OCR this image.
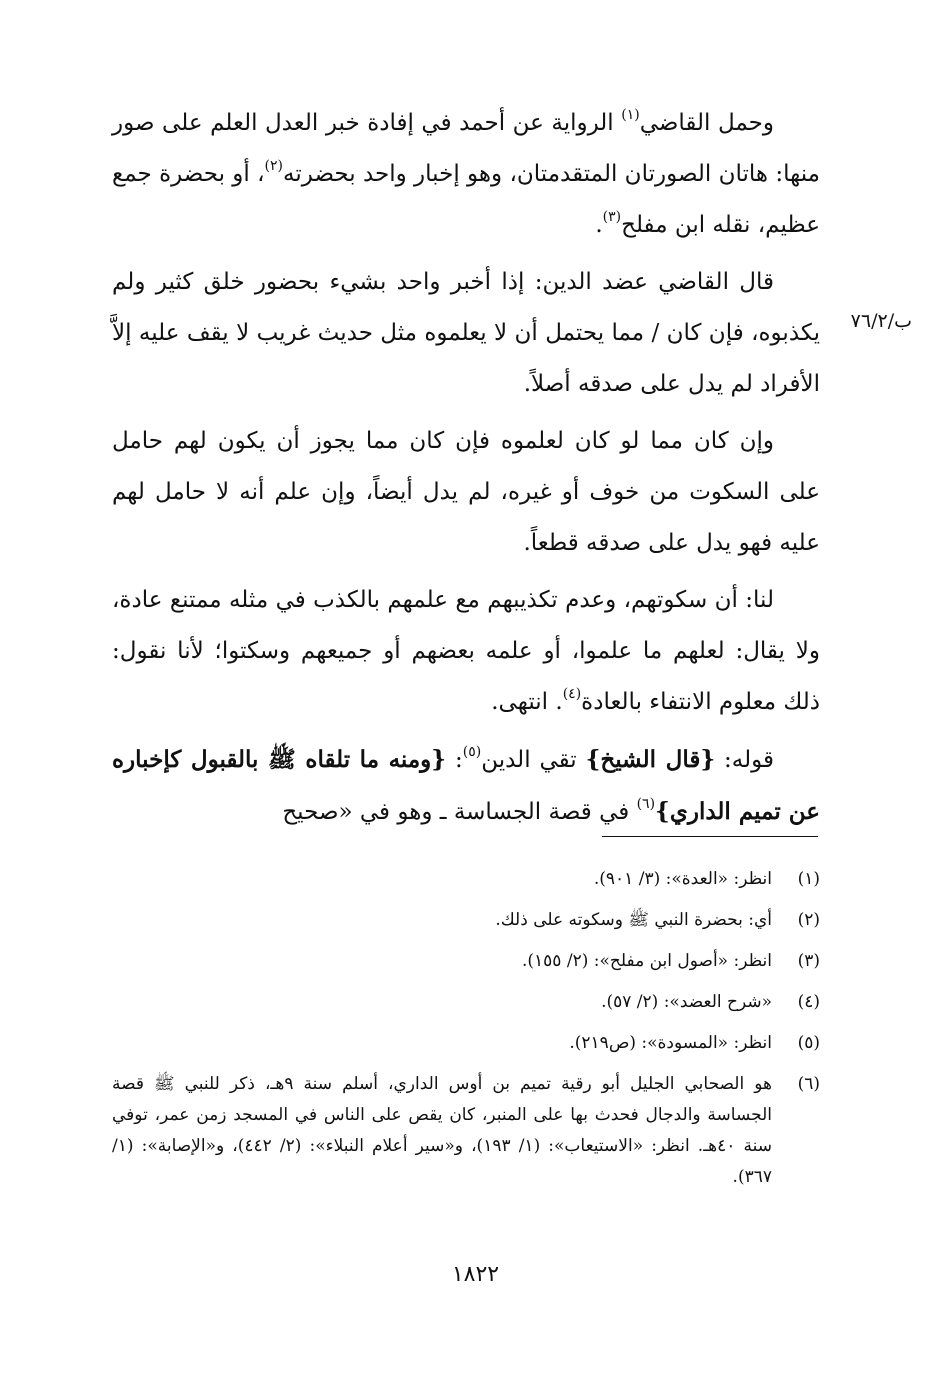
ب/٧٦/٢

وحمل القاضي$^{(١)}$ الرواية عن أحمد في إفادة خبر العدل العلم على صور منها: هاتان الصورتان المتقدمتان، وهو إخبار واحد بحضرته$^{(٢)}$، أو بحضرة جمع عظيم، نقله ابن مفلح$^{(٣)}$.

قال القاضي عضد الدين: إذا أخبر واحد بشيء بحضور خلق كثير ولم يكذبوه، فإن كان / مما يحتمل أن لا يعلموه مثل حديث غريب لا يقف عليه إلاَّ الأفراد لم يدل على صدقه أصلاً.

وإن كان مما لو كان لعلموه فإن كان مما يجوز أن يكون لهم حامل على السكوت من خوف أو غيره، لم يدل أيضاً، وإن علم أنه لا حامل لهم عليه فهو يدل على صدقه قطعاً.

لنا: أن سكوتهم، وعدم تكذيبهم مع علمهم بالكذب في مثله ممتنع عادة، ولا يقال: لعلهم ما علموا، أو علمه بعضهم أو جميعهم وسكتوا؛ لأنا نقول: ذلك معلوم الانتفاء بالعادة$^{(٤)}$. انتهى.

قوله: {قال الشيخ} تقي الدين$^{(٥)}$: {ومنه ما تلقاه ﷺ بالقبول كإخباره عن تميم الداري}$^{(٦)}$ في قصة الجساسة ـ وهو في «صحيح

(١)
انظر: «العدة»: (٣/ ٩٠١).
(٢)
أي: بحضرة النبي ﷺ وسكوته على ذلك.
(٣)
انظر: «أصول ابن مفلح»: (٢/ ١٥٥).
(٤)
«شرح العضد»: (٢/ ٥٧).
(٥)
انظر: «المسودة»: (ص٢١٩).
(٦)
هو الصحابي الجليل أبو رقية تميم بن أوس الداري، أسلم سنة ٩هـ، ذكر للنبي ﷺ قصة الجساسة والدجال فحدث بها على المنبر، كان يقص على الناس في المسجد زمن عمر، توفي سنة ٤٠هـ. انظر: «الاستيعاب»: (١/ ١٩٣)، و«سير أعلام النبلاء»: (٢/ ٤٤٢)، و«الإصابة»: (١/ ٣٦٧).
١٨٢٢
